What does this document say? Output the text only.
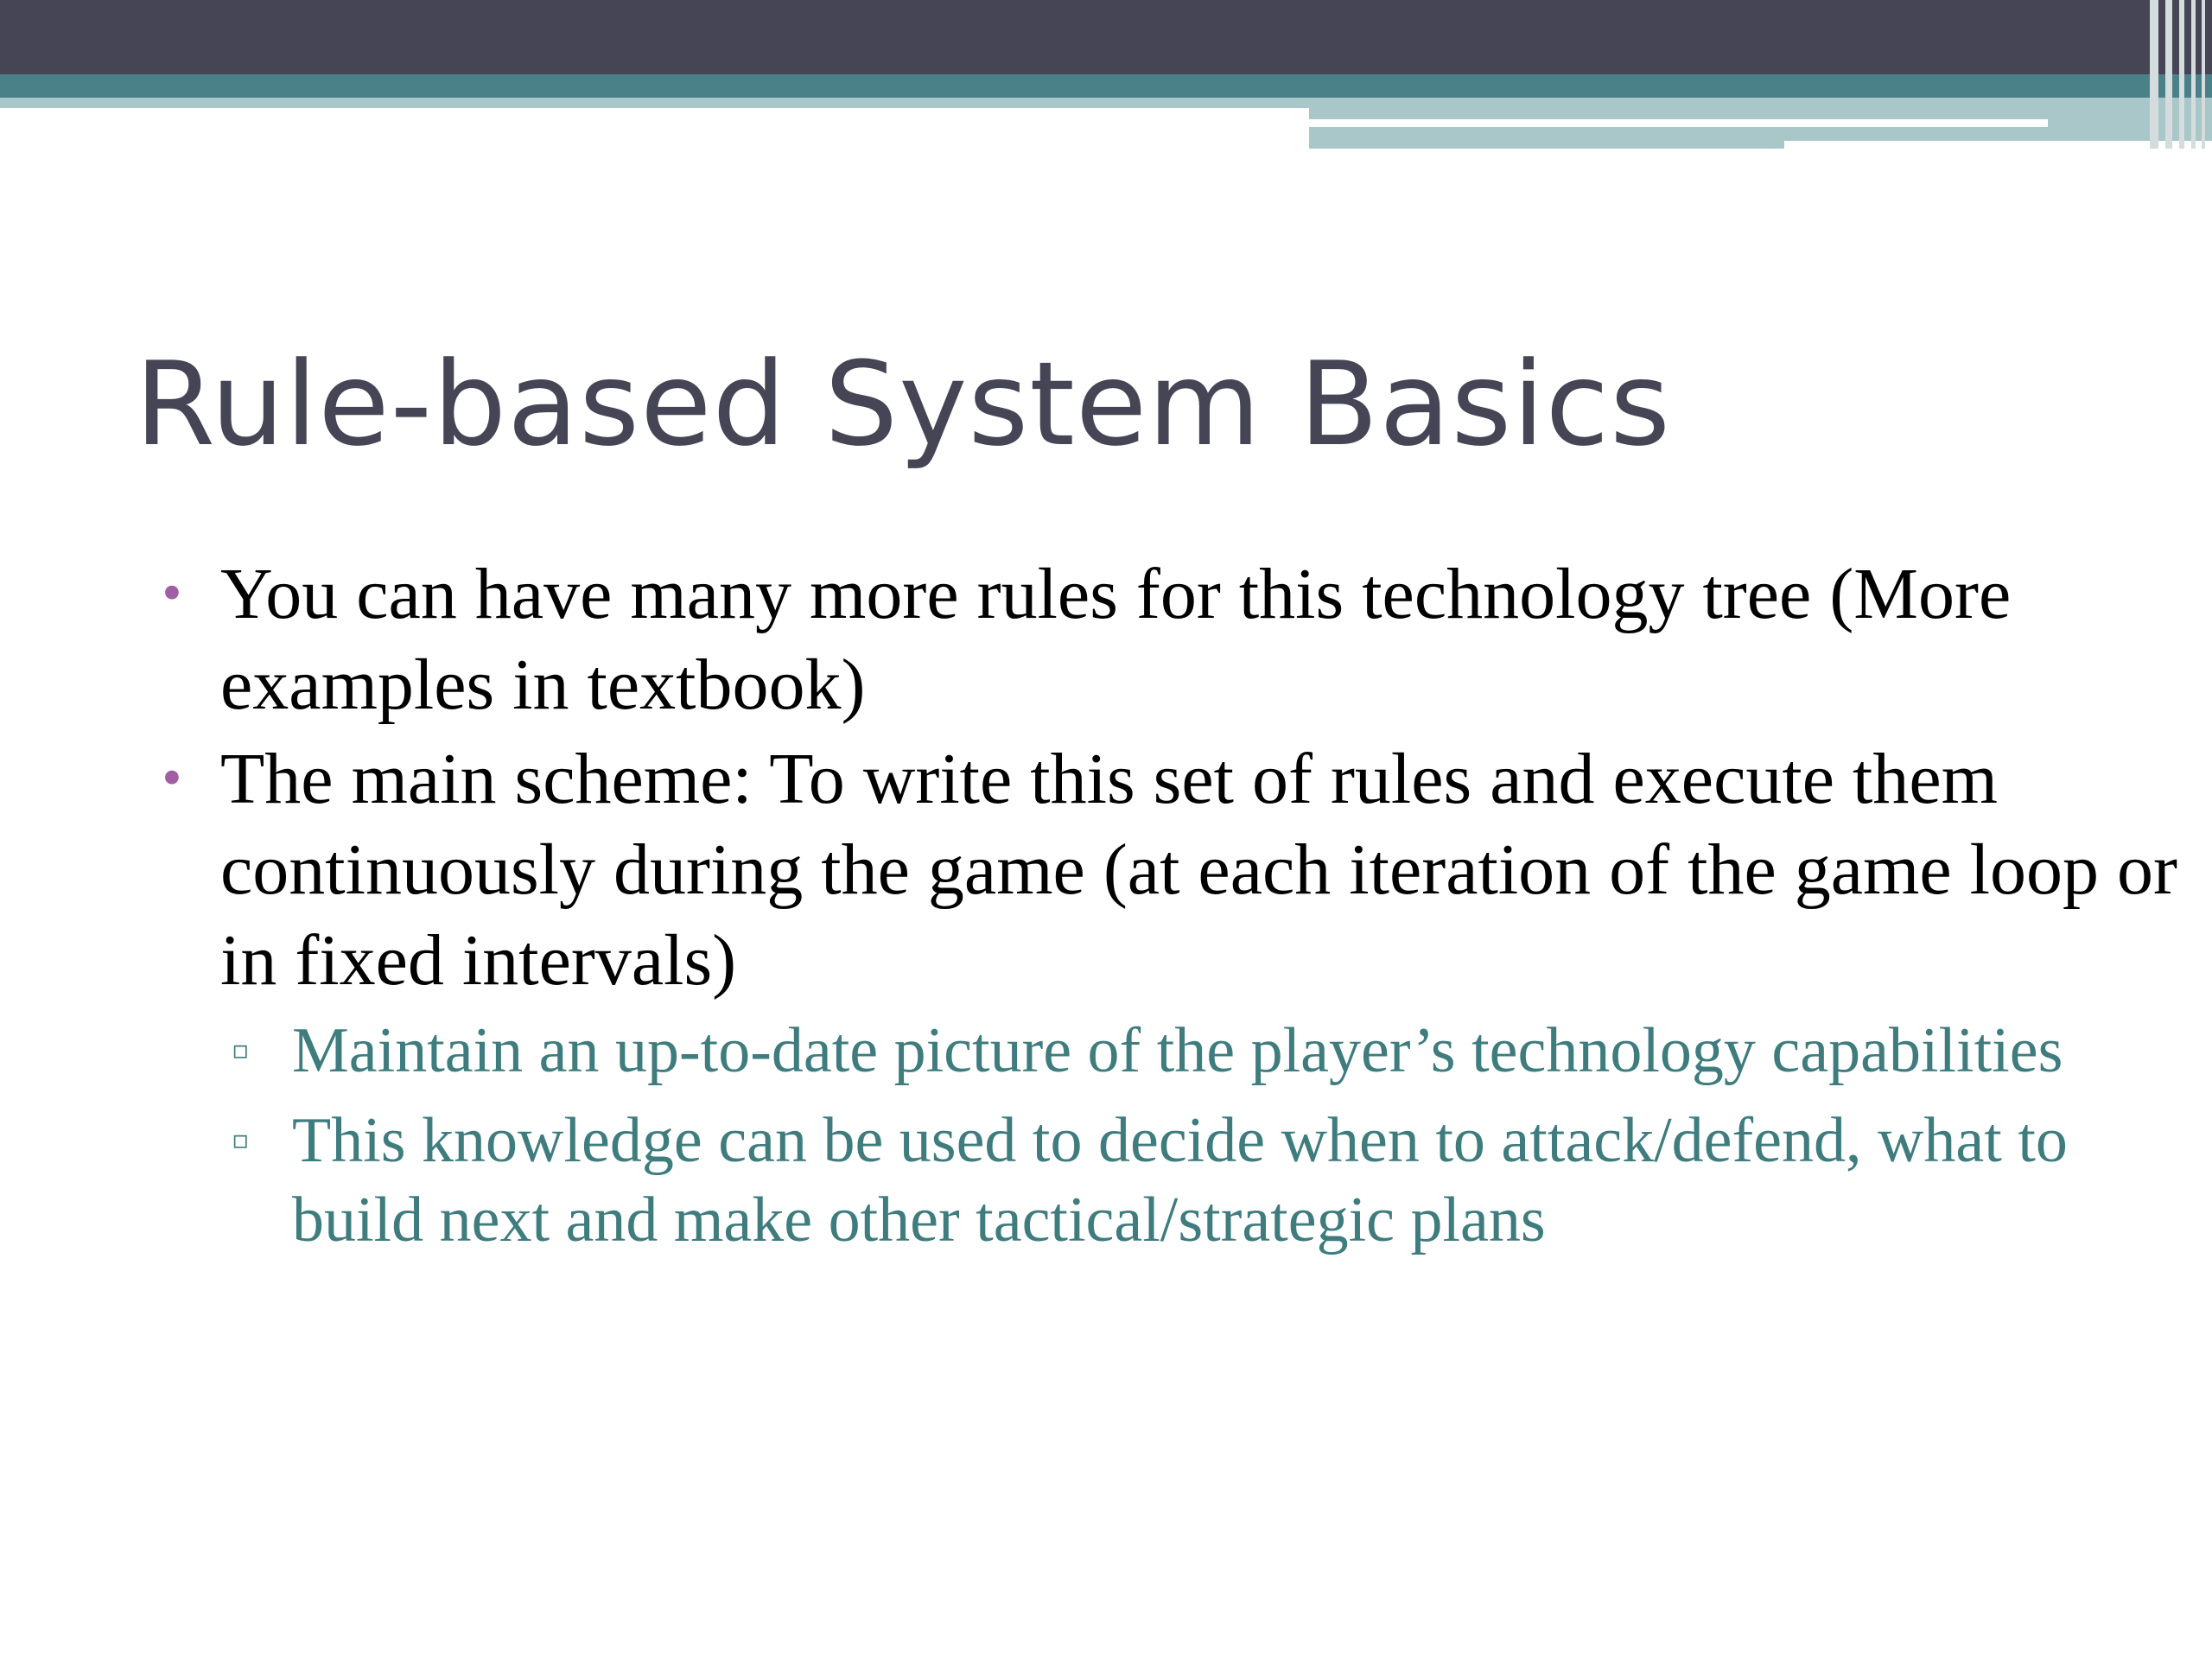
Rule-based System Basics
• You can have many more rules for this technology tree (More examples in textbook)
• The main scheme: To write this set of rules and execute them continuously during the game (at each iteration of the game loop or in fixed intervals)
▫ Maintain an up-to-date picture of the player’s technology capabilities
▫ This knowledge can be used to decide when to attack/defend, what to build next and make other tactical/strategic plans
